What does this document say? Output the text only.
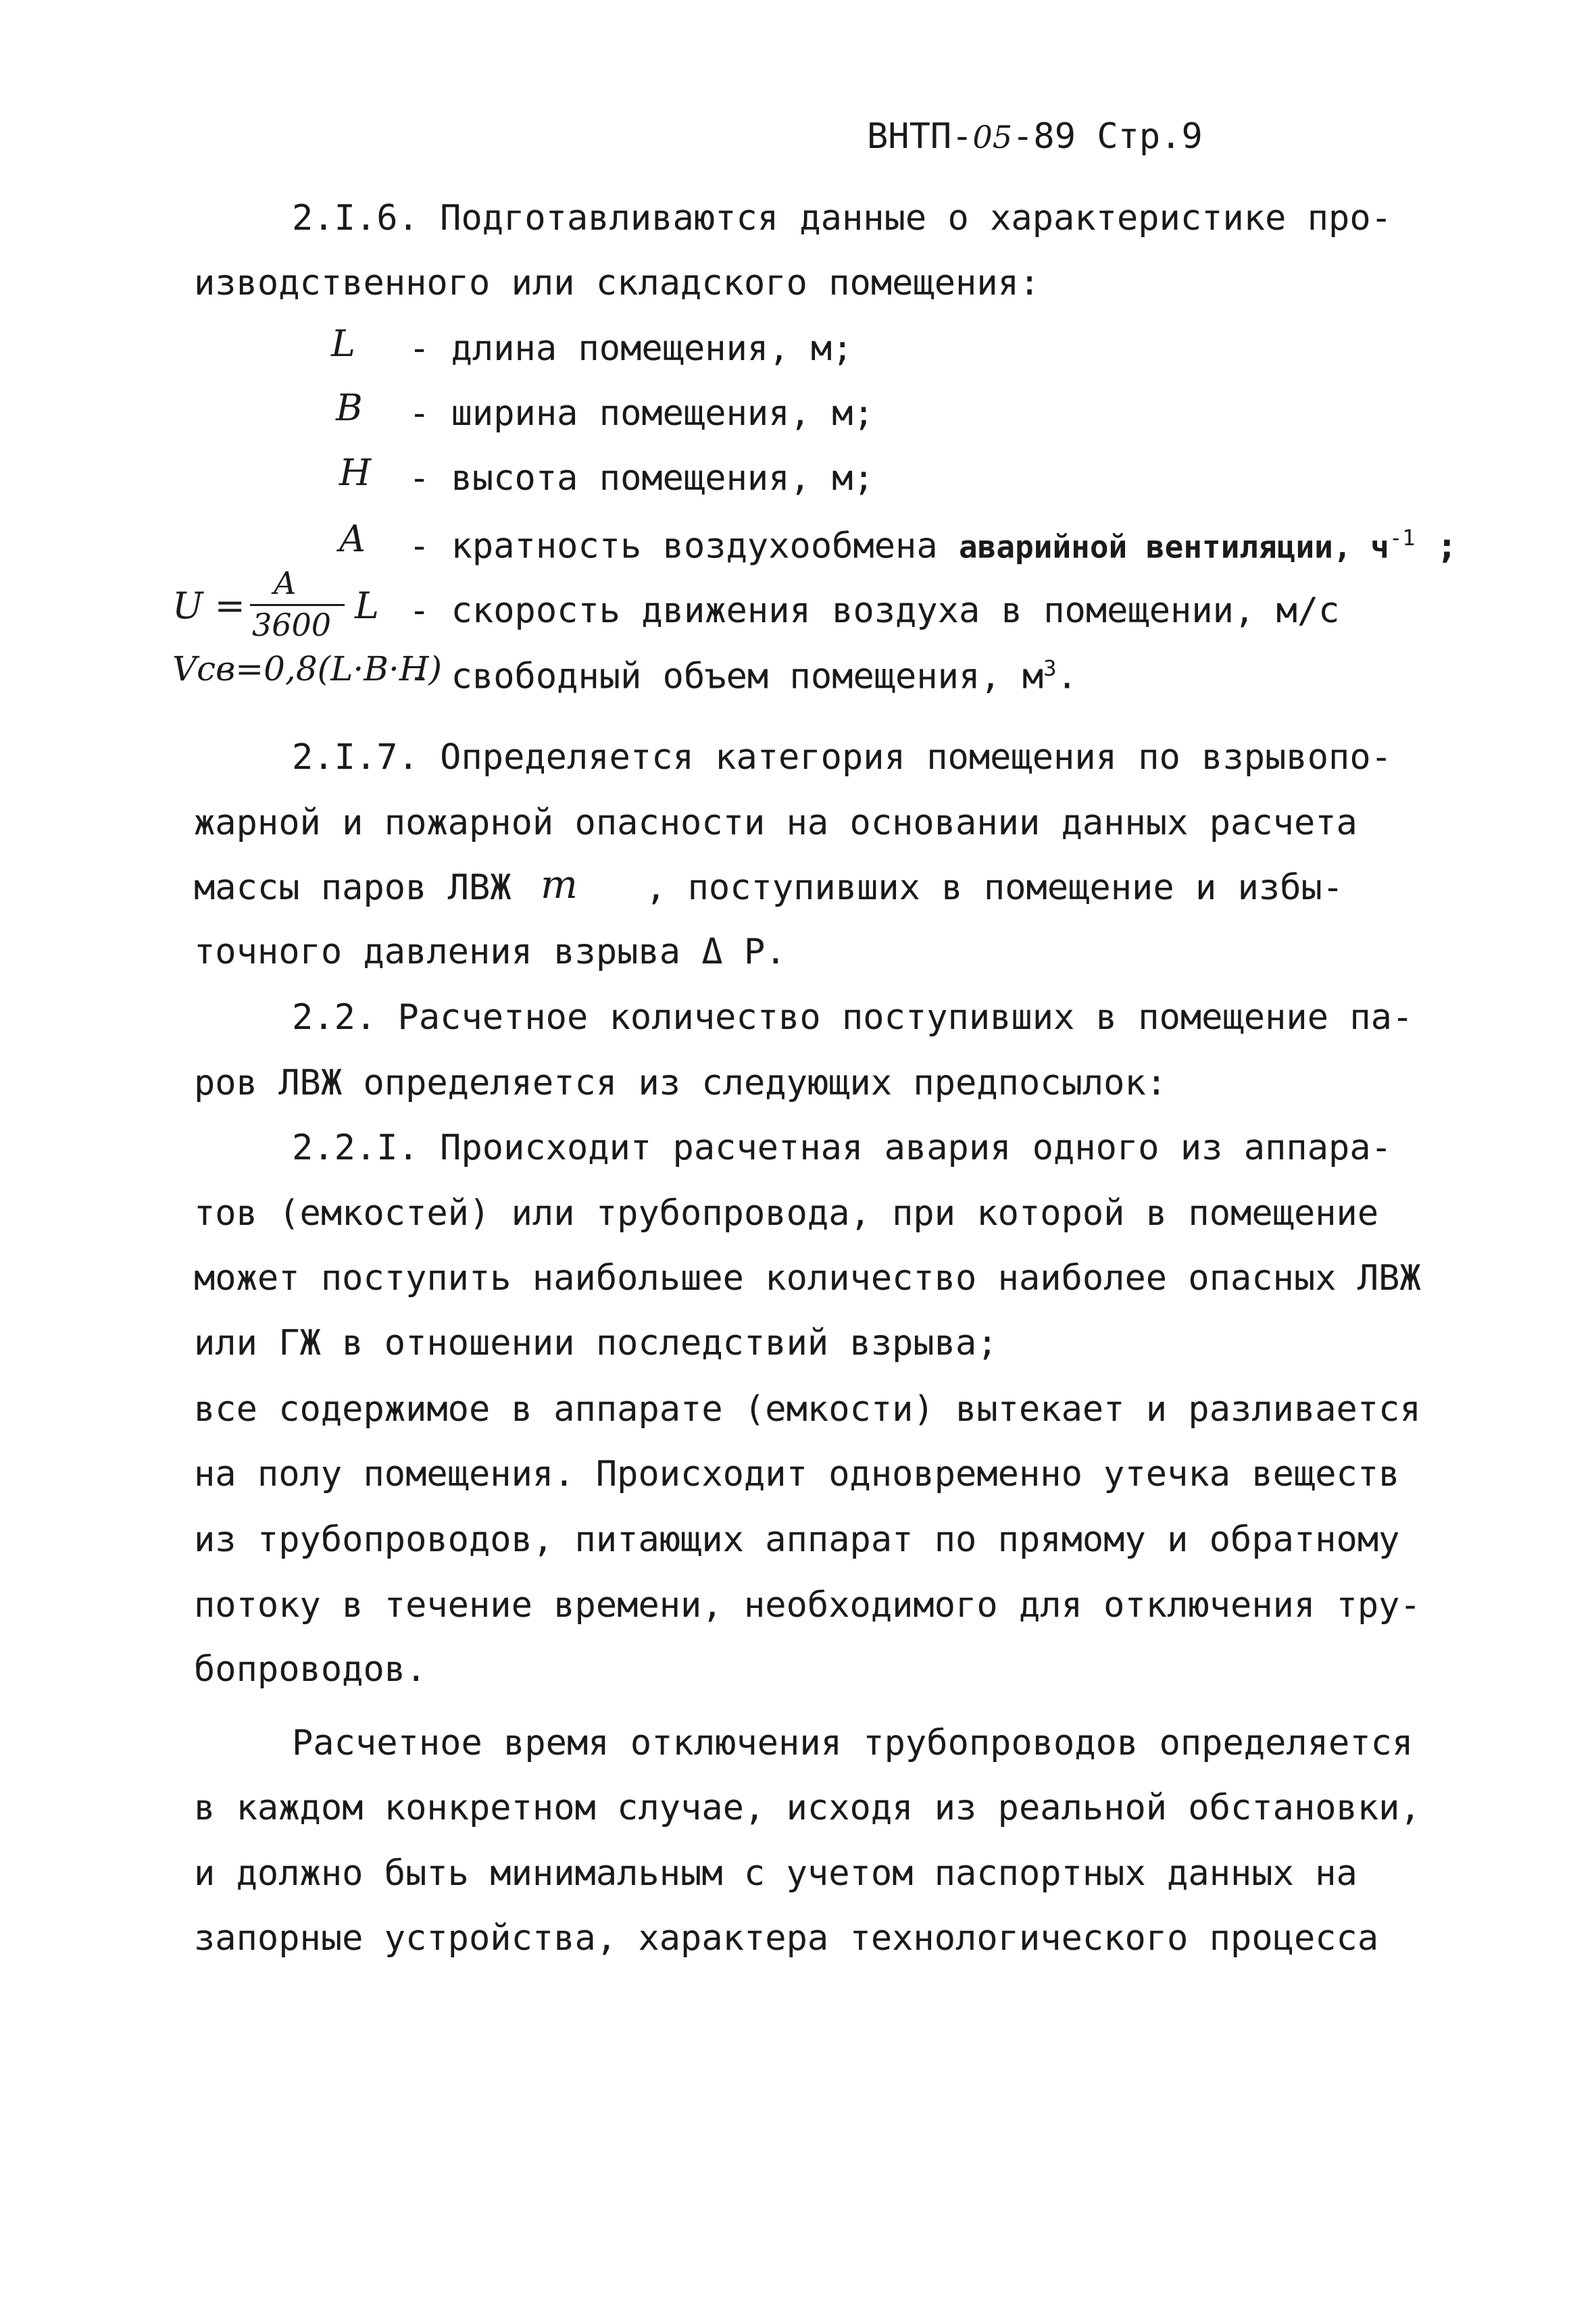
ВНТП-05-89 Стр.9
2.I.6. Подготавливаются данные о характеристике про-
изводственного или складского помещения:
L - длина помещения, м;
B - ширина помещения, м;
H - высота помещения, м;
A - кратность воздухообмена аварийной вентиляции, $ч^{-1}$ ;
U =
A
3600 L - скорость движения воздуха в помещении, м/с
Vсв=0,8(L·B·H)
- свободный объем помещения, $м^3$.
2.I.7. Определяется категория помещения по взрывопо-
жарной и пожарной опасности на основании данных расчета
массы паров ЛВЖ m , поступивших в помещение и избы-
точного давления взрыва Δ P.
2.2. Расчетное количество поступивших в помещение па-
ров ЛВЖ определяется из следующих предпосылок:
2.2.I. Происходит расчетная авария одного из аппара-
тов (емкостей) или трубопровода, при которой в помещение
может поступить наибольшее количество наиболее опасных ЛВЖ
или ГЖ в отношении последствий взрыва;
все содержимое в аппарате (емкости) вытекает и разливается
на полу помещения. Происходит одновременно утечка веществ
из трубопроводов, питающих аппарат по прямому и обратному
потоку в течение времени, необходимого для отключения тру-
бопроводов.
Расчетное время отключения трубопроводов определяется
в каждом конкретном случае, исходя из реальной обстановки,
и должно быть минимальным с учетом паспортных данных на
запорные устройства, характера технологического процесса
